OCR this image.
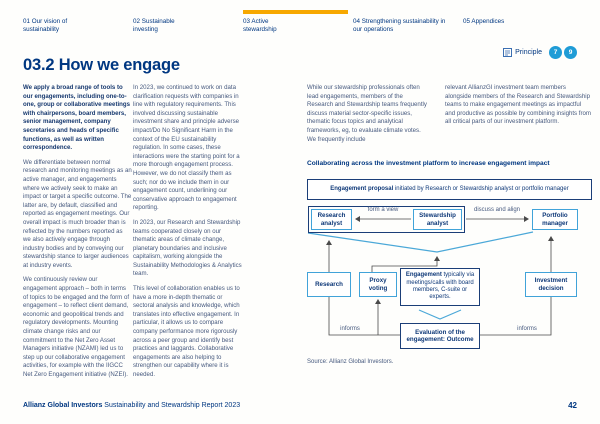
01 Our vision of sustainability
02 Sustainable investing
03 Active stewardship
04 Strengthening sustainability in our operations
05 Appendices
03.2 How we engage
Principle	7	9

We apply a broad range of tools to our engagements, including one-to-one, group or collaborative meetings with chairpersons, board members, senior management, company secretaries and heads of specific functions, as well as written correspondence.

We differentiate between normal research and monitoring meetings as an active manager, and engagements where we actively seek to make an impact or target a specific outcome. The latter are, by default, classified and reported as engagement meetings. Our overall impact is much broader than is reflected by the numbers reported as we also actively engage through industry bodies and by conveying our stewardship stance to larger audiences at industry events.

We continuously review our engagement approach – both in terms of topics to be engaged and the form of engagement – to reflect client demand, economic and geopolitical trends and regulatory developments. Mounting climate change risks and our commitment to the Net Zero Asset Managers initiative (NZAMI) led us to step up our collaborative engagement activities, for example with the IIGCC Net Zero Engagement initiative (NZEI).

In 2023, we continued to work on data clarification requests with companies in line with regulatory requirements. This involved discussing sustainable investment share and principle adverse impact/Do No Significant Harm in the context of the EU sustainability regulation. In some cases, these interactions were the starting point for a more thorough engagement process. However, we do not classify them as such; nor do we include them in our engagement count, underlining our conservative approach to engagement reporting.

In 2023, our Research and Stewardship teams cooperated closely on our thematic areas of climate change, planetary boundaries and inclusive capitalism, working alongside the Sustainability Methodologies & Analytics team.

This level of collaboration enables us to have a more in-depth thematic or sectoral analysis and knowledge, which translates into effective engagement. In particular, it allows us to compare company performance more rigorously across a peer group and identify best practices and laggards. Collaborative engagements are also helping to strengthen our capability where it is needed.

While our stewardship professionals often lead engagements, members of the Research and Stewardship teams frequently discuss material sector-specific issues, thematic focus topics and analytical frameworks, eg, to evaluate climate votes. We frequently include

relevant AllianzGI investment team members alongside members of the Research and Stewardship teams to make engagement meetings as impactful and productive as possible by combining insights from all critical parts of our investment platform.

Collaborating across the investment platform to increase engagement impact
Engagement proposal initiated by Research or Stewardship analyst or portfolio manager
Research analyst
Stewardship analyst
Portfolio manager
form a view	discuss and align
Research
Proxy voting
Engagement typically via meetings/calls with board members, C-suite or experts.
Investment decision
informs	informs
Evaluation of the engagement: Outcome
Source: Allianz Global Investors.
Allianz Global Investors Sustainability and Stewardship Report 2023	42
